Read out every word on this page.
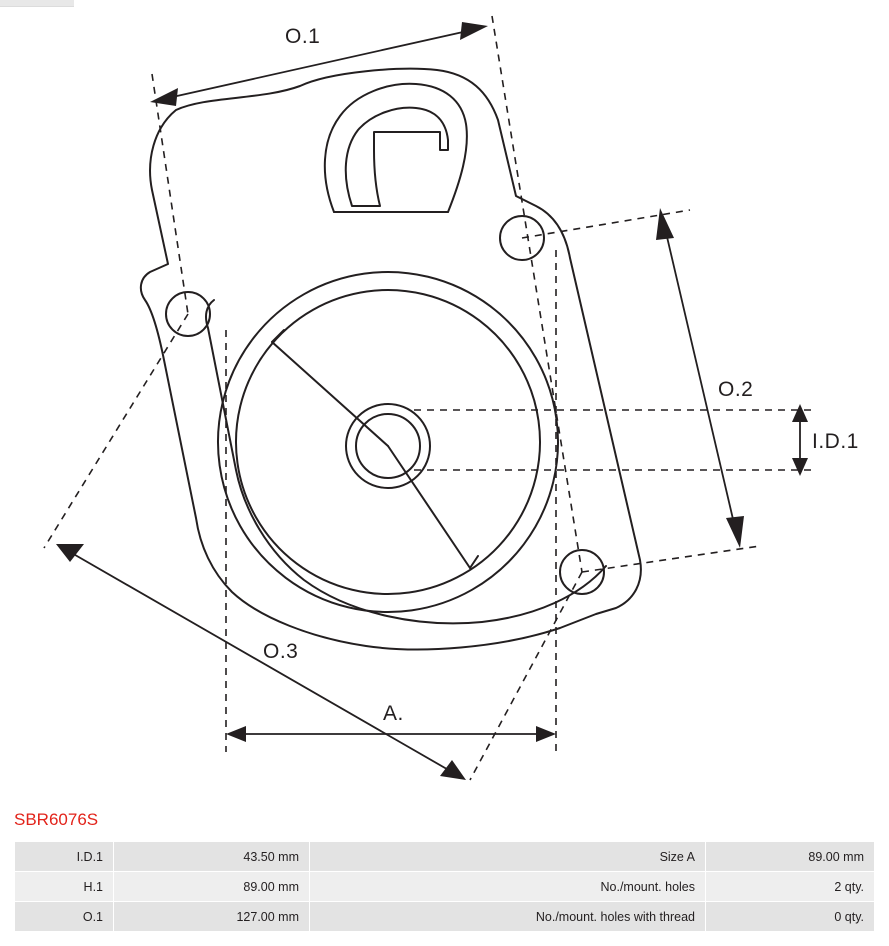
O.1
O.2
I.D.1
O.3
A.
SBR6076S
I.D.1	43.50 mm	Size A	89.00 mm
H.1	89.00 mm	No./mount. holes	2 qty.
O.1	127.00 mm	No./mount. holes with thread	0 qty.
